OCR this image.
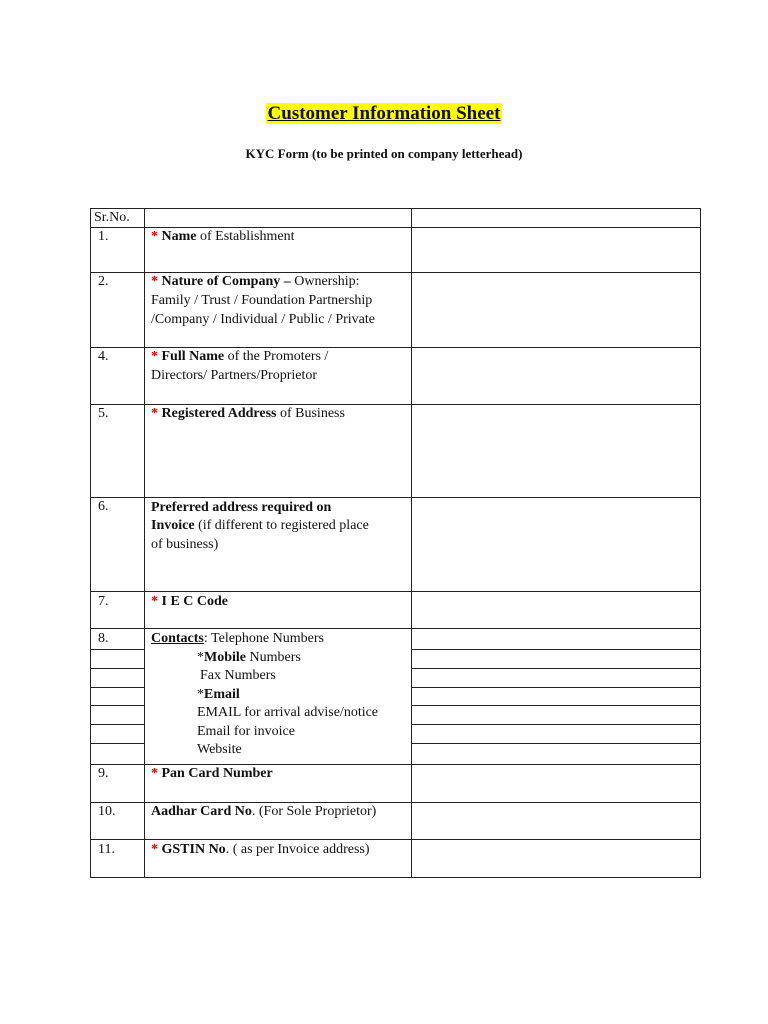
Customer Information Sheet
KYC Form (to be printed on company letterhead)
Sr.No.
1.	* Name of Establishment
2.	* Nature of Company – Ownership:
Family / Trust / Foundation Partnership
/Company / Individual / Public / Private
4.	* Full Name of the Promoters /
Directors/ Partners/Proprietor
5.	* Registered Address of Business
6.	Preferred address required on
Invoice (if different to registered place
of business)
7.	* I E C Code
8.	Contacts: Telephone Numbers
*Mobile Numbers
Fax Numbers
*Email
EMAIL for arrival advise/notice
Email for invoice
Website
9.	* Pan Card Number
10.	Aadhar Card No. (For Sole Proprietor)
11.	* GSTIN No. ( as per Invoice address)
